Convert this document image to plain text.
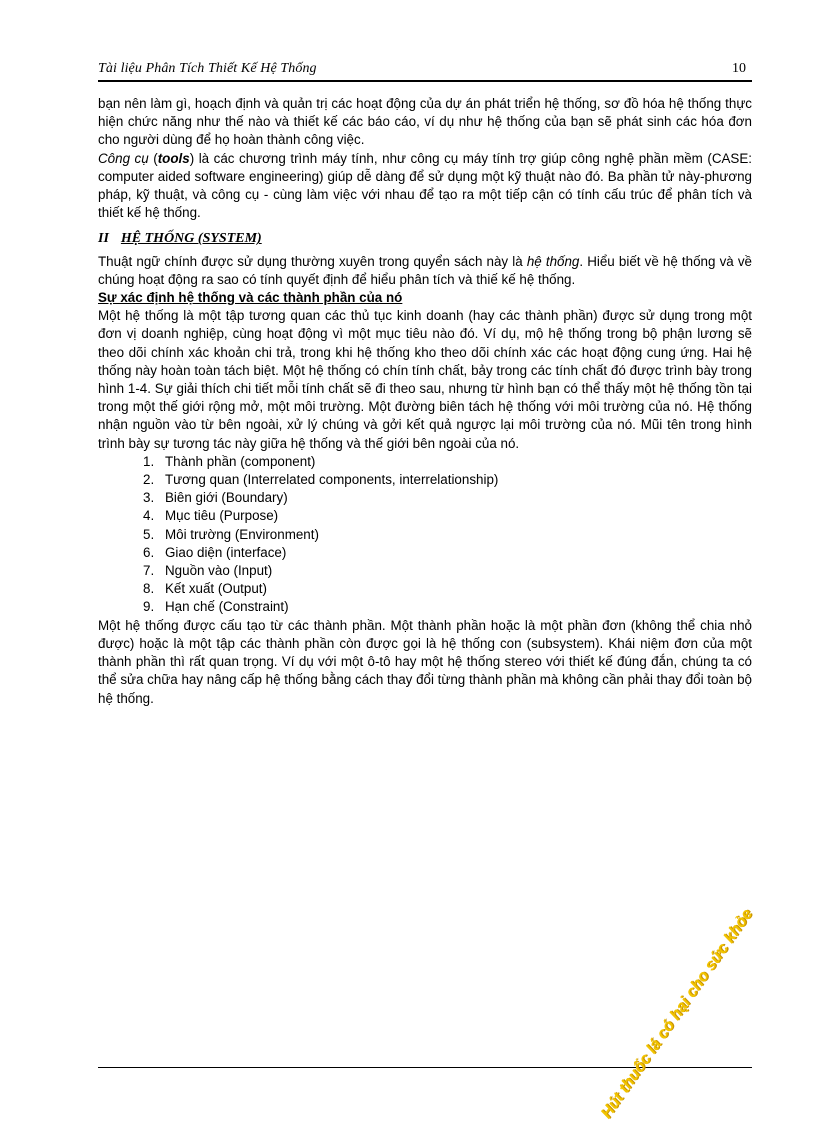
Tài liệu Phân Tích Thiết Kế Hệ Thống	10

bạn nên làm gì, hoạch định và quản trị các hoạt động của dự án phát triển hệ thống, sơ đồ hóa hệ thống thực hiện chức năng như thế nào và thiết kế các báo cáo, ví dụ như hệ thống của bạn sẽ phát sinh các hóa đơn cho người dùng để họ hoàn thành công việc.

Công cụ (tools) là các chương trình máy tính, như công cụ máy tính trợ giúp công nghệ phần mềm (CASE: computer aided software engineering) giúp dễ dàng để sử dụng một kỹ thuật nào đó. Ba phần tử này-phương pháp, kỹ thuật, và công cụ - cùng làm việc với nhau để tạo ra một tiếp cận có tính cấu trúc để phân tích và thiết kế hệ thống.

II HỆ THỐNG (SYSTEM)

Thuật ngữ chính được sử dụng thường xuyên trong quyển sách này là hệ thống. Hiểu biết về hệ thống và về chúng hoạt động ra sao có tính quyết định để hiểu phân tích và thiế kế hệ thống.

Sự xác định hệ thống và các thành phần của nó

Một hệ thống là một tập tương quan các thủ tục kinh doanh (hay các thành phần) được sử dụng trong một đơn vị doanh nghiệp, cùng hoạt động vì một mục tiêu nào đó. Ví dụ, mộ hệ thống trong bộ phận lương sẽ theo dõi chính xác khoản chi trả, trong khi hệ thống kho theo dõi chính xác các hoạt động cung ứng. Hai hệ thống này hoàn toàn tách biệt. Một hệ thống có chín tính chất, bảy trong các tính chất đó được trình bày trong hình 1-4. Sự giải thích chi tiết mỗi tính chất sẽ đi theo sau, nhưng từ hình bạn có thể thấy một hệ thống tồn tại trong một thế giới rộng mở, một môi trường. Một đường biên tách hệ thống với môi trường của nó. Hệ thống nhận nguồn vào từ bên ngoài, xử lý chúng và gởi kết quả ngược lại môi trường của nó. Mũi tên trong hình trình bày sự tương tác này giữa hệ thống và thế giới bên ngoài của nó.

1. Thành phần (component)
2. Tương quan (Interrelated components, interrelationship)
3. Biên giới (Boundary)
4. Mục tiêu (Purpose)
5. Môi trường (Environment)
6. Giao diện (interface)
7. Nguồn vào (Input)
8. Kết xuất (Output)
9. Hạn chế (Constraint)

Một hệ thống được cấu tạo từ các thành phần. Một thành phần hoặc là một phần đơn (không thể chia nhỏ được) hoặc là một tập các thành phần còn được gọi là hệ thống con (subsystem). Khái niệm đơn của một thành phần thì rất quan trọng. Ví dụ với một ô-tô hay một hệ thống stereo với thiết kế đúng đắn, chúng ta có thể sửa chữa hay nâng cấp hệ thống bằng cách thay đổi từng thành phần mà không cần phải thay đổi toàn bộ hệ thống.

Hút thuốc lá có hại cho sức khỏe
